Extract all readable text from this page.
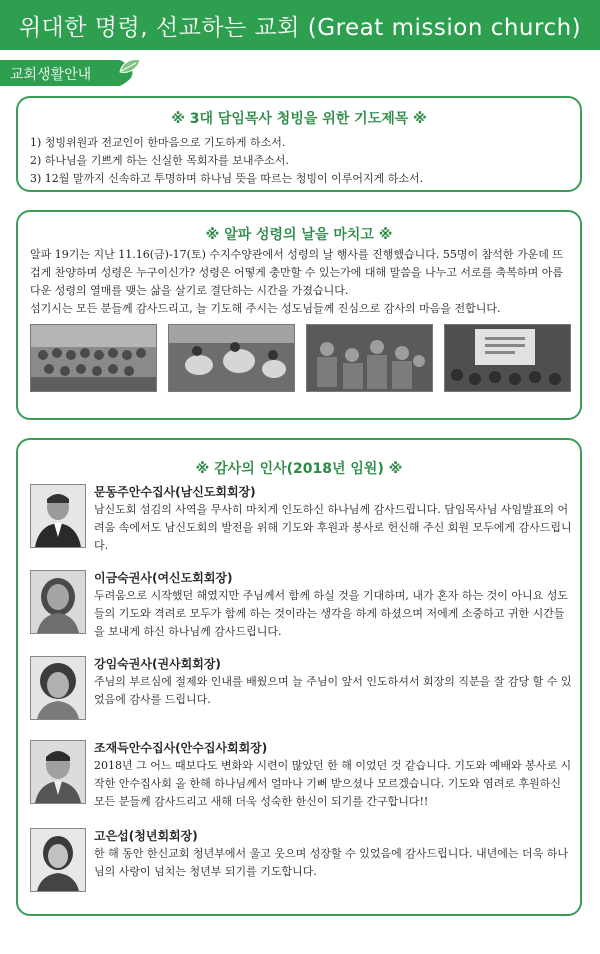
위대한 명령, 선교하는 교회 (Great mission church)
교회생활안내
※ 3대 담임목사 청빙을 위한 기도제목 ※

1) 청빙위원과 전교인이 한마음으로 기도하게 하소서.

2) 하나님을 기쁘게 하는 신실한 목회자를 보내주소서.

3) 12월 말까지 신속하고 투명하며 하나님 뜻을 따르는 청빙이 이루어지게 하소서.

※ 알파 성령의 날을 마치고 ※

알파 19기는 지난 11.16(금)-17(토) 수지수양관에서 성령의 날 행사를 진행했습니다. 55명이 참석한 가운데 뜨겁게 찬양하며 성령은 누구이신가? 성령은 어떻게 충만할 수 있는가에 대해 말씀을 나누고 서로를 축복하며 아름다운 성령의 열매를 맺는 삶을 살기로 결단하는 시간을 가졌습니다.

섬기시는 모든 분들께 감사드리고, 늘 기도해 주시는 성도님들께 진심으로 감사의 마음을 전합니다.

※ 감사의 인사(2018년 임원) ※
문동주안수집사(남신도회회장)
남신도회 섬김의 사역을 무사히 마치게 인도하신 하나님께 감사드립니다. 담임목사님 사임발표의 어려움 속에서도 남신도회의 발전을 위해 기도와 후원과 봉사로 헌신해 주신 회원 모두에게 감사드립니다.
이금숙권사(여신도회회장)
두려움으로 시작했던 해였지만 주님께서 함께 하실 것을 기대하며, 내가 혼자 하는 것이 아니요 성도들의 기도와 격려로 모두가 함께 하는 것이라는 생각을 하게 하셨으며 저에게 소중하고 귀한 시간들을 보내게 하신 하나님께 감사드립니다.
강임숙권사(권사회회장)
주님의 부르심에 절제와 인내를 배웠으며 늘 주님이 앞서 인도하셔서 회장의 직분을 잘 감당 할 수 있었음에 감사를 드립니다.
조재득안수집사(안수집사회회장)
2018년 그 어느 때보다도 변화와 시련이 많았던 한 해 이었던 것 같습니다. 기도와 예배와 봉사로 시작한 안수집사회 올 한해 하나님께서 얼마나 기뻐 받으셨나 모르겠습니다. 기도와 염려로 후원하신 모든 분들께 감사드리고 새해 더욱 성숙한 한신이 되기를 간구합니다!!
고은섭(청년회회장)
한 해 동안 한신교회 청년부에서 울고 웃으며 성장할 수 있었음에 감사드립니다. 내년에는 더욱 하나님의 사랑이 넘치는 청년부 되기를 기도합니다.
